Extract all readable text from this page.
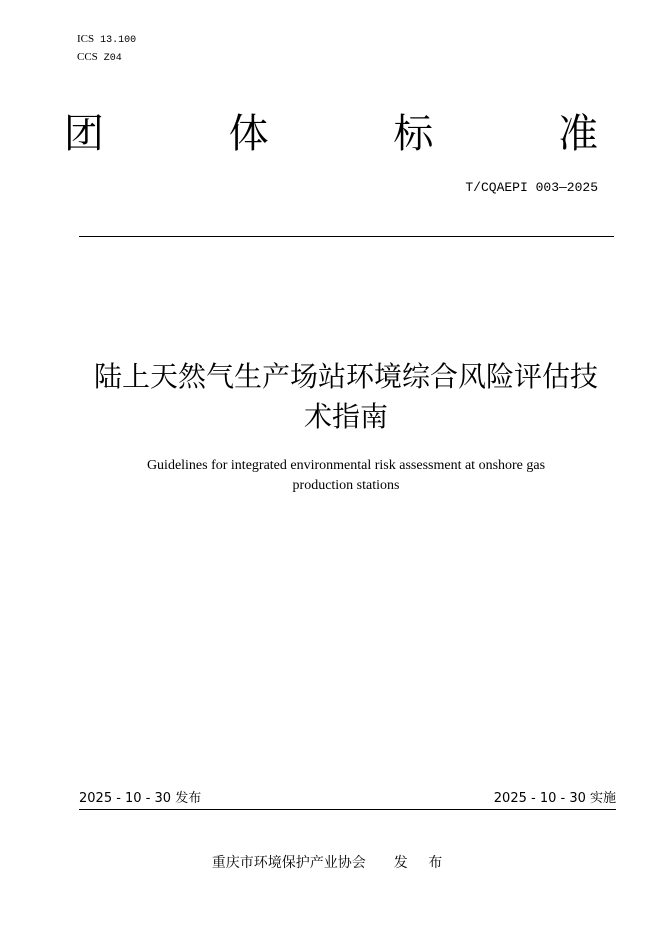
ICS 13.100
CCS Z04
团 体 标 准
T/CQAEPI 003—2025
陆上天然气生产场站环境综合风险评估技
术指南
Guidelines for integrated environmental risk assessment at onshore gas
production stations
2025 - 10 - 30 发布	2025 - 10 - 30 实施
重庆市环境保护产业协会 发 布
